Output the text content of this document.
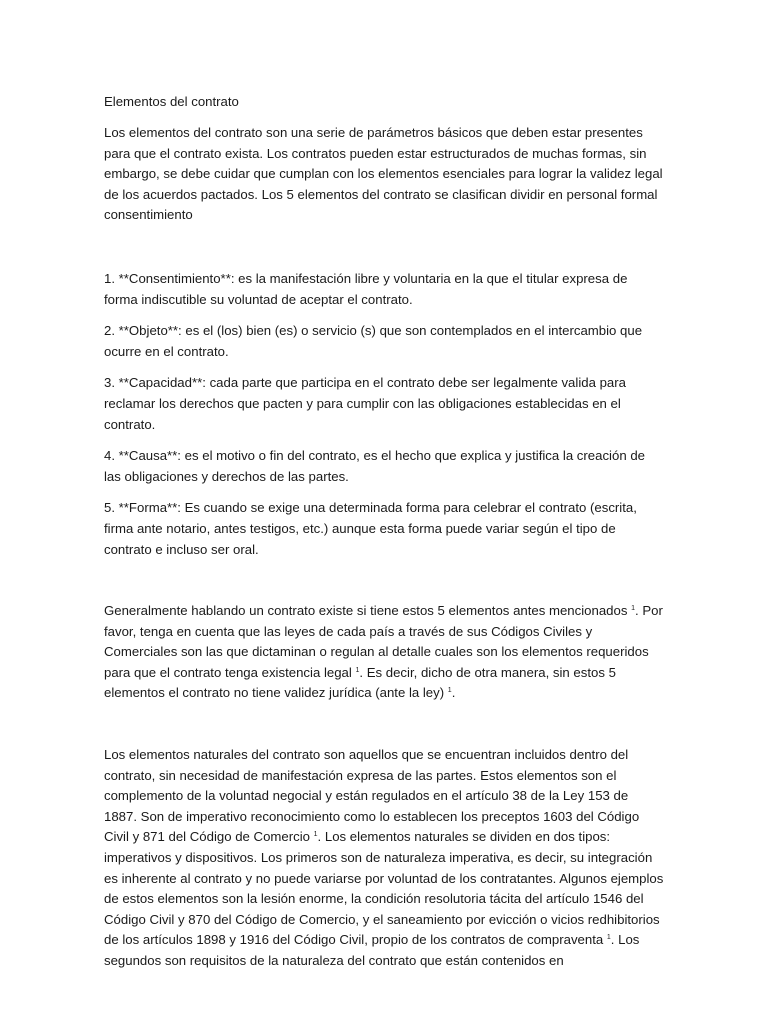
Elementos del contrato

Los elementos del contrato son una serie de parámetros básicos que deben estar presentes para que el contrato exista. Los contratos pueden estar estructurados de muchas formas, sin embargo, se debe cuidar que cumplan con los elementos esenciales para lograr la validez legal de los acuerdos pactados. Los 5 elementos del contrato se clasifican dividir en personal formal consentimiento

1. **Consentimiento**: es la manifestación libre y voluntaria en la que el titular expresa de forma indiscutible su voluntad de aceptar el contrato.

2. **Objeto**: es el (los) bien (es) o servicio (s) que son contemplados en el intercambio que ocurre en el contrato.

3. **Capacidad**: cada parte que participa en el contrato debe ser legalmente valida para reclamar los derechos que pacten y para cumplir con las obligaciones establecidas en el contrato.

4. **Causa**: es el motivo o fin del contrato, es el hecho que explica y justifica la creación de las obligaciones y derechos de las partes.

5. **Forma**: Es cuando se exige una determinada forma para celebrar el contrato (escrita, firma ante notario, antes testigos, etc.) aunque esta forma puede variar según el tipo de contrato e incluso ser oral.

Generalmente hablando un contrato existe si tiene estos 5 elementos antes mencionados $^1$. Por favor, tenga en cuenta que las leyes de cada país a través de sus Códigos Civiles y Comerciales son las que dictaminan o regulan al detalle cuales son los elementos requeridos para que el contrato tenga existencia legal $^1$. Es decir, dicho de otra manera, sin estos 5 elementos el contrato no tiene validez jurídica (ante la ley) $^1$.

Los elementos naturales del contrato son aquellos que se encuentran incluidos dentro del contrato, sin necesidad de manifestación expresa de las partes. Estos elementos son el complemento de la voluntad negocial y están regulados en el artículo 38 de la Ley 153 de 1887. Son de imperativo reconocimiento como lo establecen los preceptos 1603 del Código Civil y 871 del Código de Comercio $^1$. Los elementos naturales se dividen en dos tipos: imperativos y dispositivos. Los primeros son de naturaleza imperativa, es decir, su integración es inherente al contrato y no puede variarse por voluntad de los contratantes. Algunos ejemplos de estos elementos son la lesión enorme, la condición resolutoria tácita del artículo 1546 del Código Civil y 870 del Código de Comercio, y el saneamiento por evicción o vicios redhibitorios de los artículos 1898 y 1916 del Código Civil, propio de los contratos de compraventa $^1$. Los segundos son requisitos de la naturaleza del contrato que están contenidos en
